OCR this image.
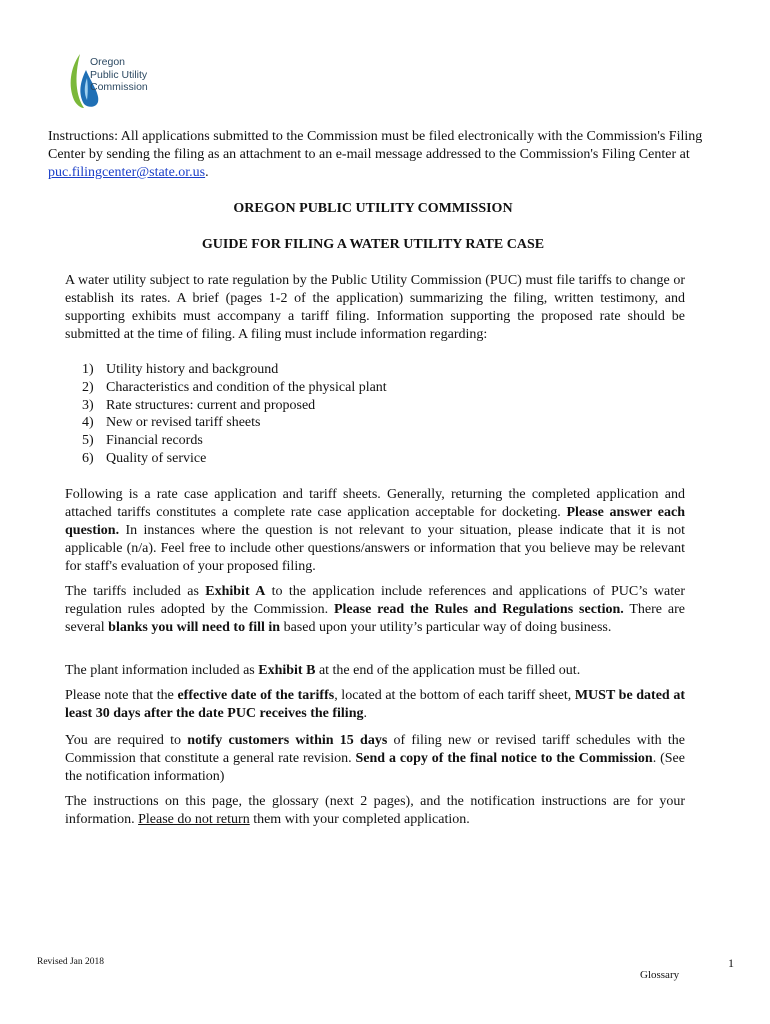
Oregon
Public Utility
Commission
Instructions: All applications submitted to the Commission must be filed electronically with the Commission's Filing Center by sending the filing as an attachment to an e-mail message addressed to the Commission's Filing Center at puc.filingcenter@state.or.us.
OREGON PUBLIC UTILITY COMMISSION
GUIDE FOR FILING A WATER UTILITY RATE CASE
A water utility subject to rate regulation by the Public Utility Commission (PUC) must file tariffs to change or establish its rates. A brief (pages 1-2 of the application) summarizing the filing, written testimony, and supporting exhibits must accompany a tariff filing. Information supporting the proposed rate should be submitted at the time of filing. A filing must include information regarding:
1) Utility history and background
2) Characteristics and condition of the physical plant
3) Rate structures: current and proposed
4) New or revised tariff sheets
5) Financial records
6) Quality of service

Following is a rate case application and tariff sheets. Generally, returning the completed application and attached tariffs constitutes a complete rate case application acceptable for docketing. Please answer each question. In instances where the question is not relevant to your situation, please indicate that it is not applicable (n/a). Feel free to include other questions/answers or information that you believe may be relevant for staff's evaluation of your proposed filing.

The tariffs included as Exhibit A to the application include references and applications of PUC’s water regulation rules adopted by the Commission. Please read the Rules and Regulations section. There are several blanks you will need to fill in based upon your utility’s particular way of doing business.

The plant information included as Exhibit B at the end of the application must be filled out.

Please note that the effective date of the tariffs, located at the bottom of each tariff sheet, MUST be dated at least 30 days after the date PUC receives the filing.

You are required to notify customers within 15 days of filing new or revised tariff schedules with the Commission that constitute a general rate revision. Send a copy of the final notice to the Commission. (See the notification information)

The instructions on this page, the glossary (next 2 pages), and the notification instructions are for your information. Please do not return them with your completed application.

Revised Jan 2018
Glossary
1
